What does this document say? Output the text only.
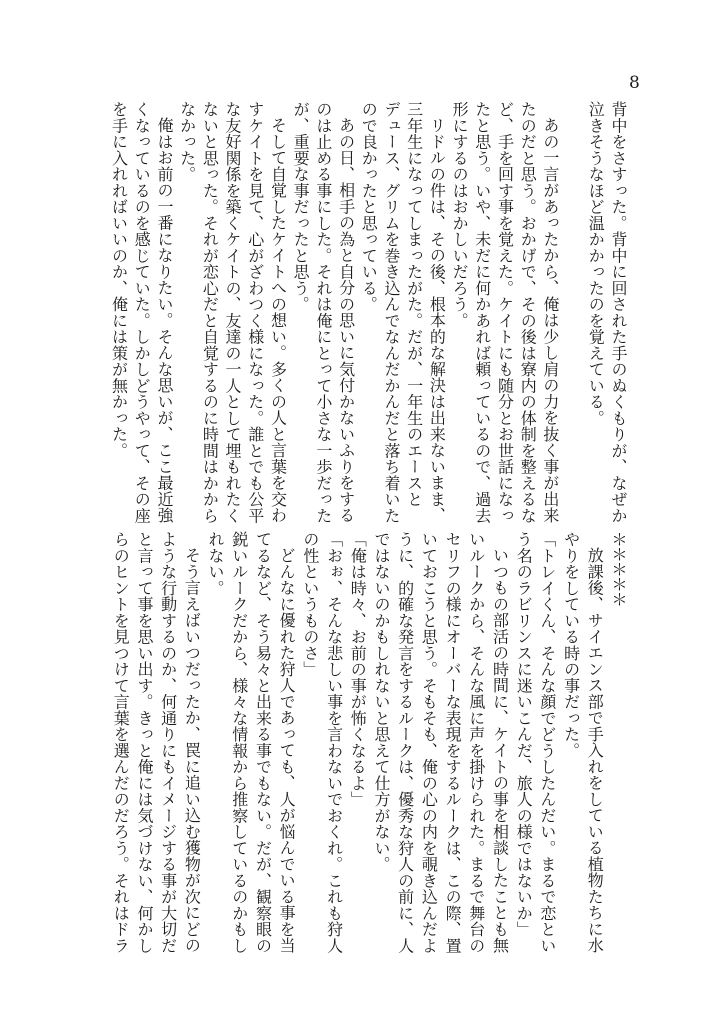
8
背中をさすった。背中に回された手のぬくもりが、なぜか
泣きそうなほど温かかったのを覚えている。
あの一言があったから、俺は少し肩の力を抜く事が出来
たのだと思う。おかげで、その後は寮内の体制を整えるな
ど、手を回す事を覚えた。ケイトにも随分とお世話になっ
たと思う。いや、未だに何かあれば頼っているので、過去
形にするのはおかしいだろう。
リドルの件は、その後、根本的な解決は出来ないまま、
三年生になってしまったがた。だが、一年生のエースと
デュース、グリムを巻き込んでなんだかんだと落ち着いた
ので良かったと思っている。
あの日、相手の為と自分の思いに気付かないふりをする
のは止める事にした。それは俺にとって小さな一歩だった
が、重要な事だったと思う。
そして自覚したケイトへの想い。多くの人と言葉を交わ
すケイトを見て、心がざわつく様になった。誰とでも公平
な友好関係を築くケイトの、友達の一人として埋もれたく
ないと思った。それが恋心だと自覚するのに時間はかから
なかった。
俺はお前の一番になりたい。そんな思いが、ここ最近強
くなっているのを感じていた。しかしどうやって、その座
を手に入れればいいのか、俺には策が無かった。
＊＊＊＊＊
放課後、サイエンス部で手入れをしている植物たちに水
やりをしている時の事だった。
「トレイくん、そんな顔でどうしたんだい。まるで恋とい
う名のラビリンスに迷いこんだ、旅人の様ではないか」
いつもの部活の時間に、ケイトの事を相談したことも無
いルークから、そんな風に声を掛けられた。まるで舞台の
セリフの様にオーバーな表現をするルークは、この際、置
いておこうと思う。そもそも、俺の心の内を覗き込んだよ
うに、的確な発言をするルークは、優秀な狩人の前に、人
ではないのかもしれないと思えて仕方がない。
「俺は時々、お前の事が怖くなるよ」
「おぉ、そんな悲しい事を言わないでおくれ。これも狩人
の性というものさ」
どんなに優れた狩人であっても、人が悩んでいる事を当
てるなど、そう易々と出来る事でもない。だが、観察眼の
鋭いルークだから、様々な情報から推察しているのかもし
れない。
そう言えばいつだったか、罠に追い込む獲物が次にどの
ような行動するのか、何通りにもイメージする事が大切だ
と言って事を思い出す。きっと俺には気づけない、何かし
らのヒントを見つけて言葉を選んだのだろう。それはドラ
